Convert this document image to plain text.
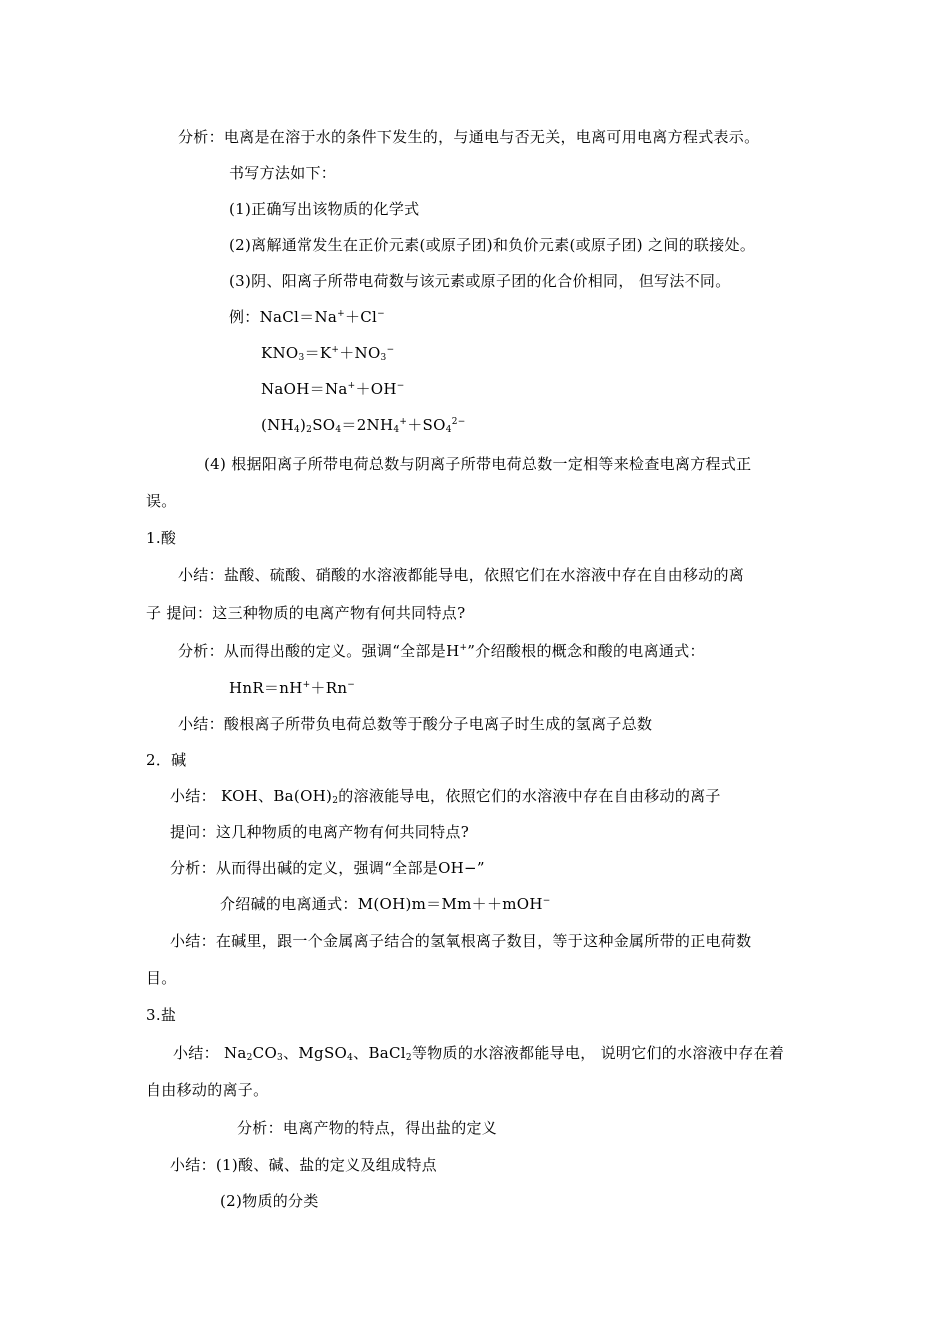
分析：电离是在溶于水的条件下发生的，与通电与否无关，电离可用电离方程式表示。
书写方法如下：
(1)正确写出该物质的化学式
(2)离解通常发生在正价元素(或原子团)和负价元素(或原子团) 之间的联接处。
(3)阴、阳离子所带电荷数与该元素或原子团的化合价相同， 但写法不同。
例：NaCl＝Na+＋Cl−
$KNO_3=K^++NO_3^-$
NaOH＝Na+＋OH−
$(NH_4)_2SO_4=2NH_4^++SO_4^{2-}$
(4) 根据阳离子所带电荷总数与阴离子所带电荷总数一定相等来检查电离方程式正
误。
1.酸
小结：盐酸、硫酸、硝酸的水溶液都能导电，依照它们在水溶液中存在自由移动的离
子 提问：这三种物质的电离产物有何共同特点?
分析：从而得出酸的定义。强调“全部是H+”介绍酸根的概念和酸的电离通式：
HnR＝nH+＋Rn−
小结：酸根离子所带负电荷总数等于酸分子电离子时生成的氢离子总数
2．碱
小结： KOH、$Ba(OH)_2$的溶液能导电，依照它们的水溶液中存在自由移动的离子
提问：这几种物质的电离产物有何共同特点?
分析：从而得出碱的定义，强调“全部是OH−”
介绍碱的电离通式：M(OH)m＝Mm＋＋mOH−
小结：在碱里，跟一个金属离子结合的氢氧根离子数目，等于这种金属所带的正电荷数
目。
3.盐
小结： $Na_2CO_3$、MgSO$_4$、BaCl$_2$等物质的水溶液都能导电， 说明它们的水溶液中存在着
自由移动的离子。
分析：电离产物的特点，得出盐的定义
小结：(1)酸、碱、盐的定义及组成特点
(2)物质的分类
